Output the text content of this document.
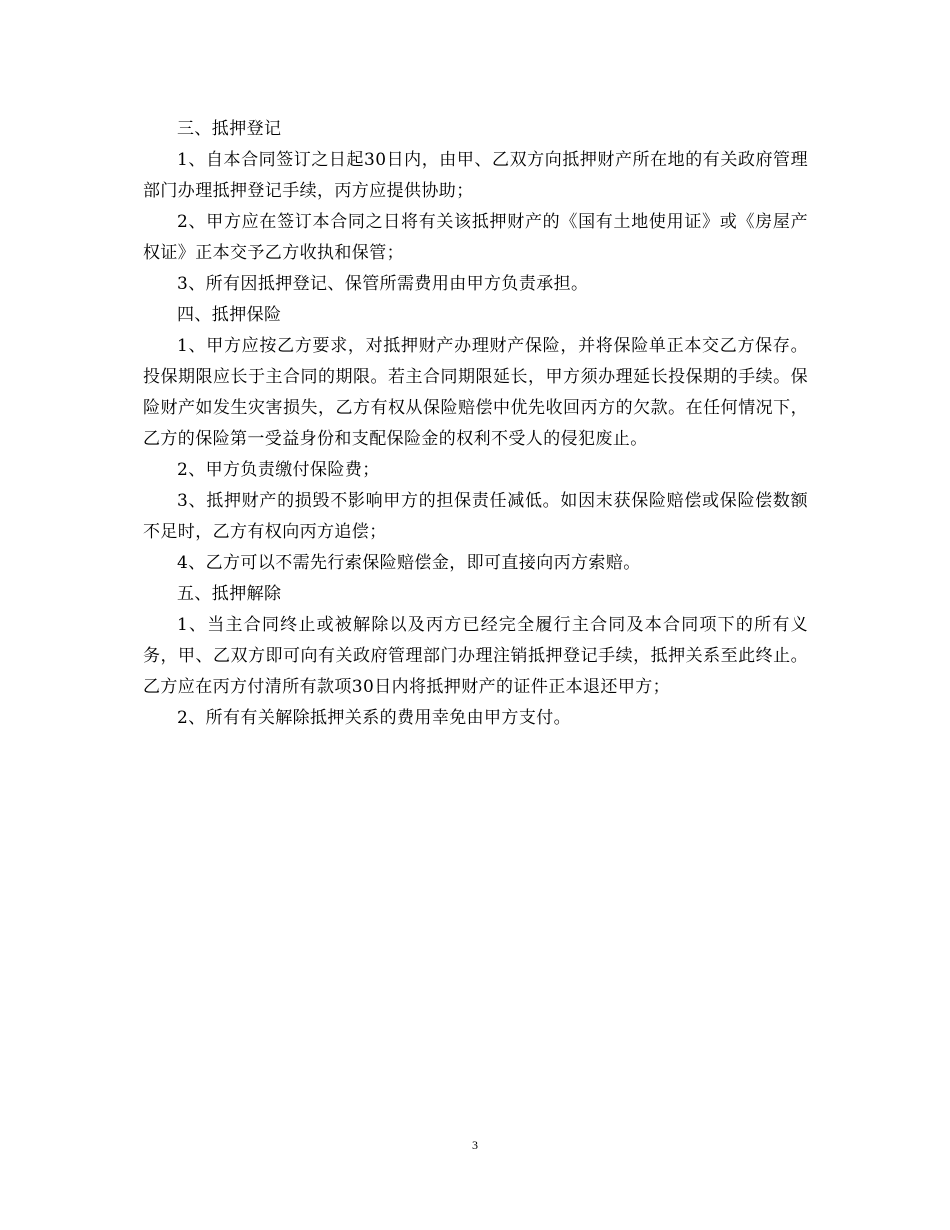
三、抵押登记

1、自本合同签订之日起30日内，由甲、乙双方向抵押财产所在地的有关政府管理部门办理抵押登记手续，丙方应提供协助；

2、甲方应在签订本合同之日将有关该抵押财产的《国有土地使用证》或《房屋产权证》正本交予乙方收执和保管；

3、所有因抵押登记、保管所需费用由甲方负责承担。

四、抵押保险

1、甲方应按乙方要求，对抵押财产办理财产保险，并将保险单正本交乙方保存。投保期限应长于主合同的期限。若主合同期限延长，甲方须办理延长投保期的手续。保险财产如发生灾害损失，乙方有权从保险赔偿中优先收回丙方的欠款。在任何情况下，乙方的保险第一受益身份和支配保险金的权利不受人的侵犯废止。

2、甲方负责缴付保险费；

3、抵押财产的损毁不影响甲方的担保责任减低。如因末获保险赔偿或保险偿数额不足时，乙方有权向丙方追偿；

4、乙方可以不需先行索保险赔偿金，即可直接向丙方索赔。

五、抵押解除

1、当主合同终止或被解除以及丙方已经完全履行主合同及本合同项下的所有义务，甲、乙双方即可向有关政府管理部门办理注销抵押登记手续，抵押关系至此终止。乙方应在丙方付清所有款项30日内将抵押财产的证件正本退还甲方；

2、所有有关解除抵押关系的费用幸免由甲方支付。

3
